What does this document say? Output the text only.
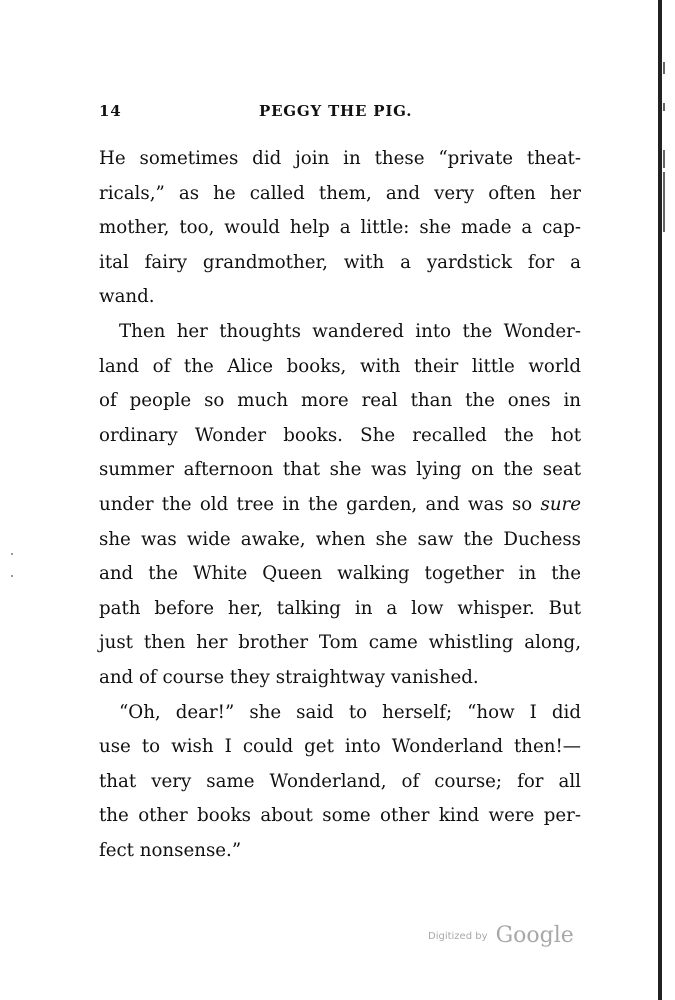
14	PEGGY THE PIG.
He sometimes did join in these “private theat-
ricals,” as he called them, and very often her
mother, too, would help a little: she made a cap-
ital fairy grandmother, with a yardstick for a
wand.
Then her thoughts wandered into the Wonder-
land of the Alice books, with their little world
of people so much more real than the ones in
ordinary Wonder books. She recalled the hot
summer afternoon that she was lying on the seat
under the old tree in the garden, and was so sure
she was wide awake, when she saw the Duchess
and the White Queen walking together in the
path before her, talking in a low whisper. But
just then her brother Tom came whistling along,
and of course they straightway vanished.
“Oh, dear!” she said to herself; “how I did
use to wish I could get into Wonderland then!—
that very same Wonderland, of course; for all
the other books about some other kind were per-
fect nonsense.”
Digitized by Google
